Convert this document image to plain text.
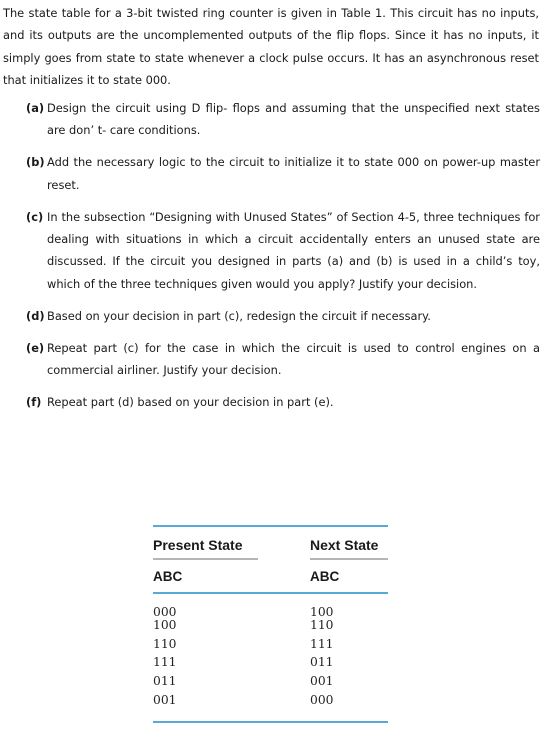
The state table for a 3-bit twisted ring counter is given in Table 1. This circuit has no inputs, and its outputs are the uncomplemented outputs of the flip flops. Since it has no inputs, it simply goes from state to state whenever a clock pulse occurs. It has an asynchronous reset that initializes it to state 000.
(a) Design the circuit using D flip- flops and assuming that the unspecified next states are don’ t- care conditions.
(b) Add the necessary logic to the circuit to initialize it to state 000 on power-up master reset.
(c) In the subsection “Designing with Unused States” of Section 4-5, three techniques for dealing with situations in which a circuit accidentally enters an unused state are discussed. If the circuit you designed in parts (a) and (b) is used in a child’s toy, which of the three techniques given would you apply? Justify your decision.
(d) Based on your decision in part (c), redesign the circuit if necessary.
(e) Repeat part (c) for the case in which the circuit is used to control engines on a commercial airliner. Justify your decision.
(f) Repeat part (d) based on your decision in part (e).
Present State	Next State
ABC	ABC
000
100
110
111
011
001
100
110
111
011
001
000
